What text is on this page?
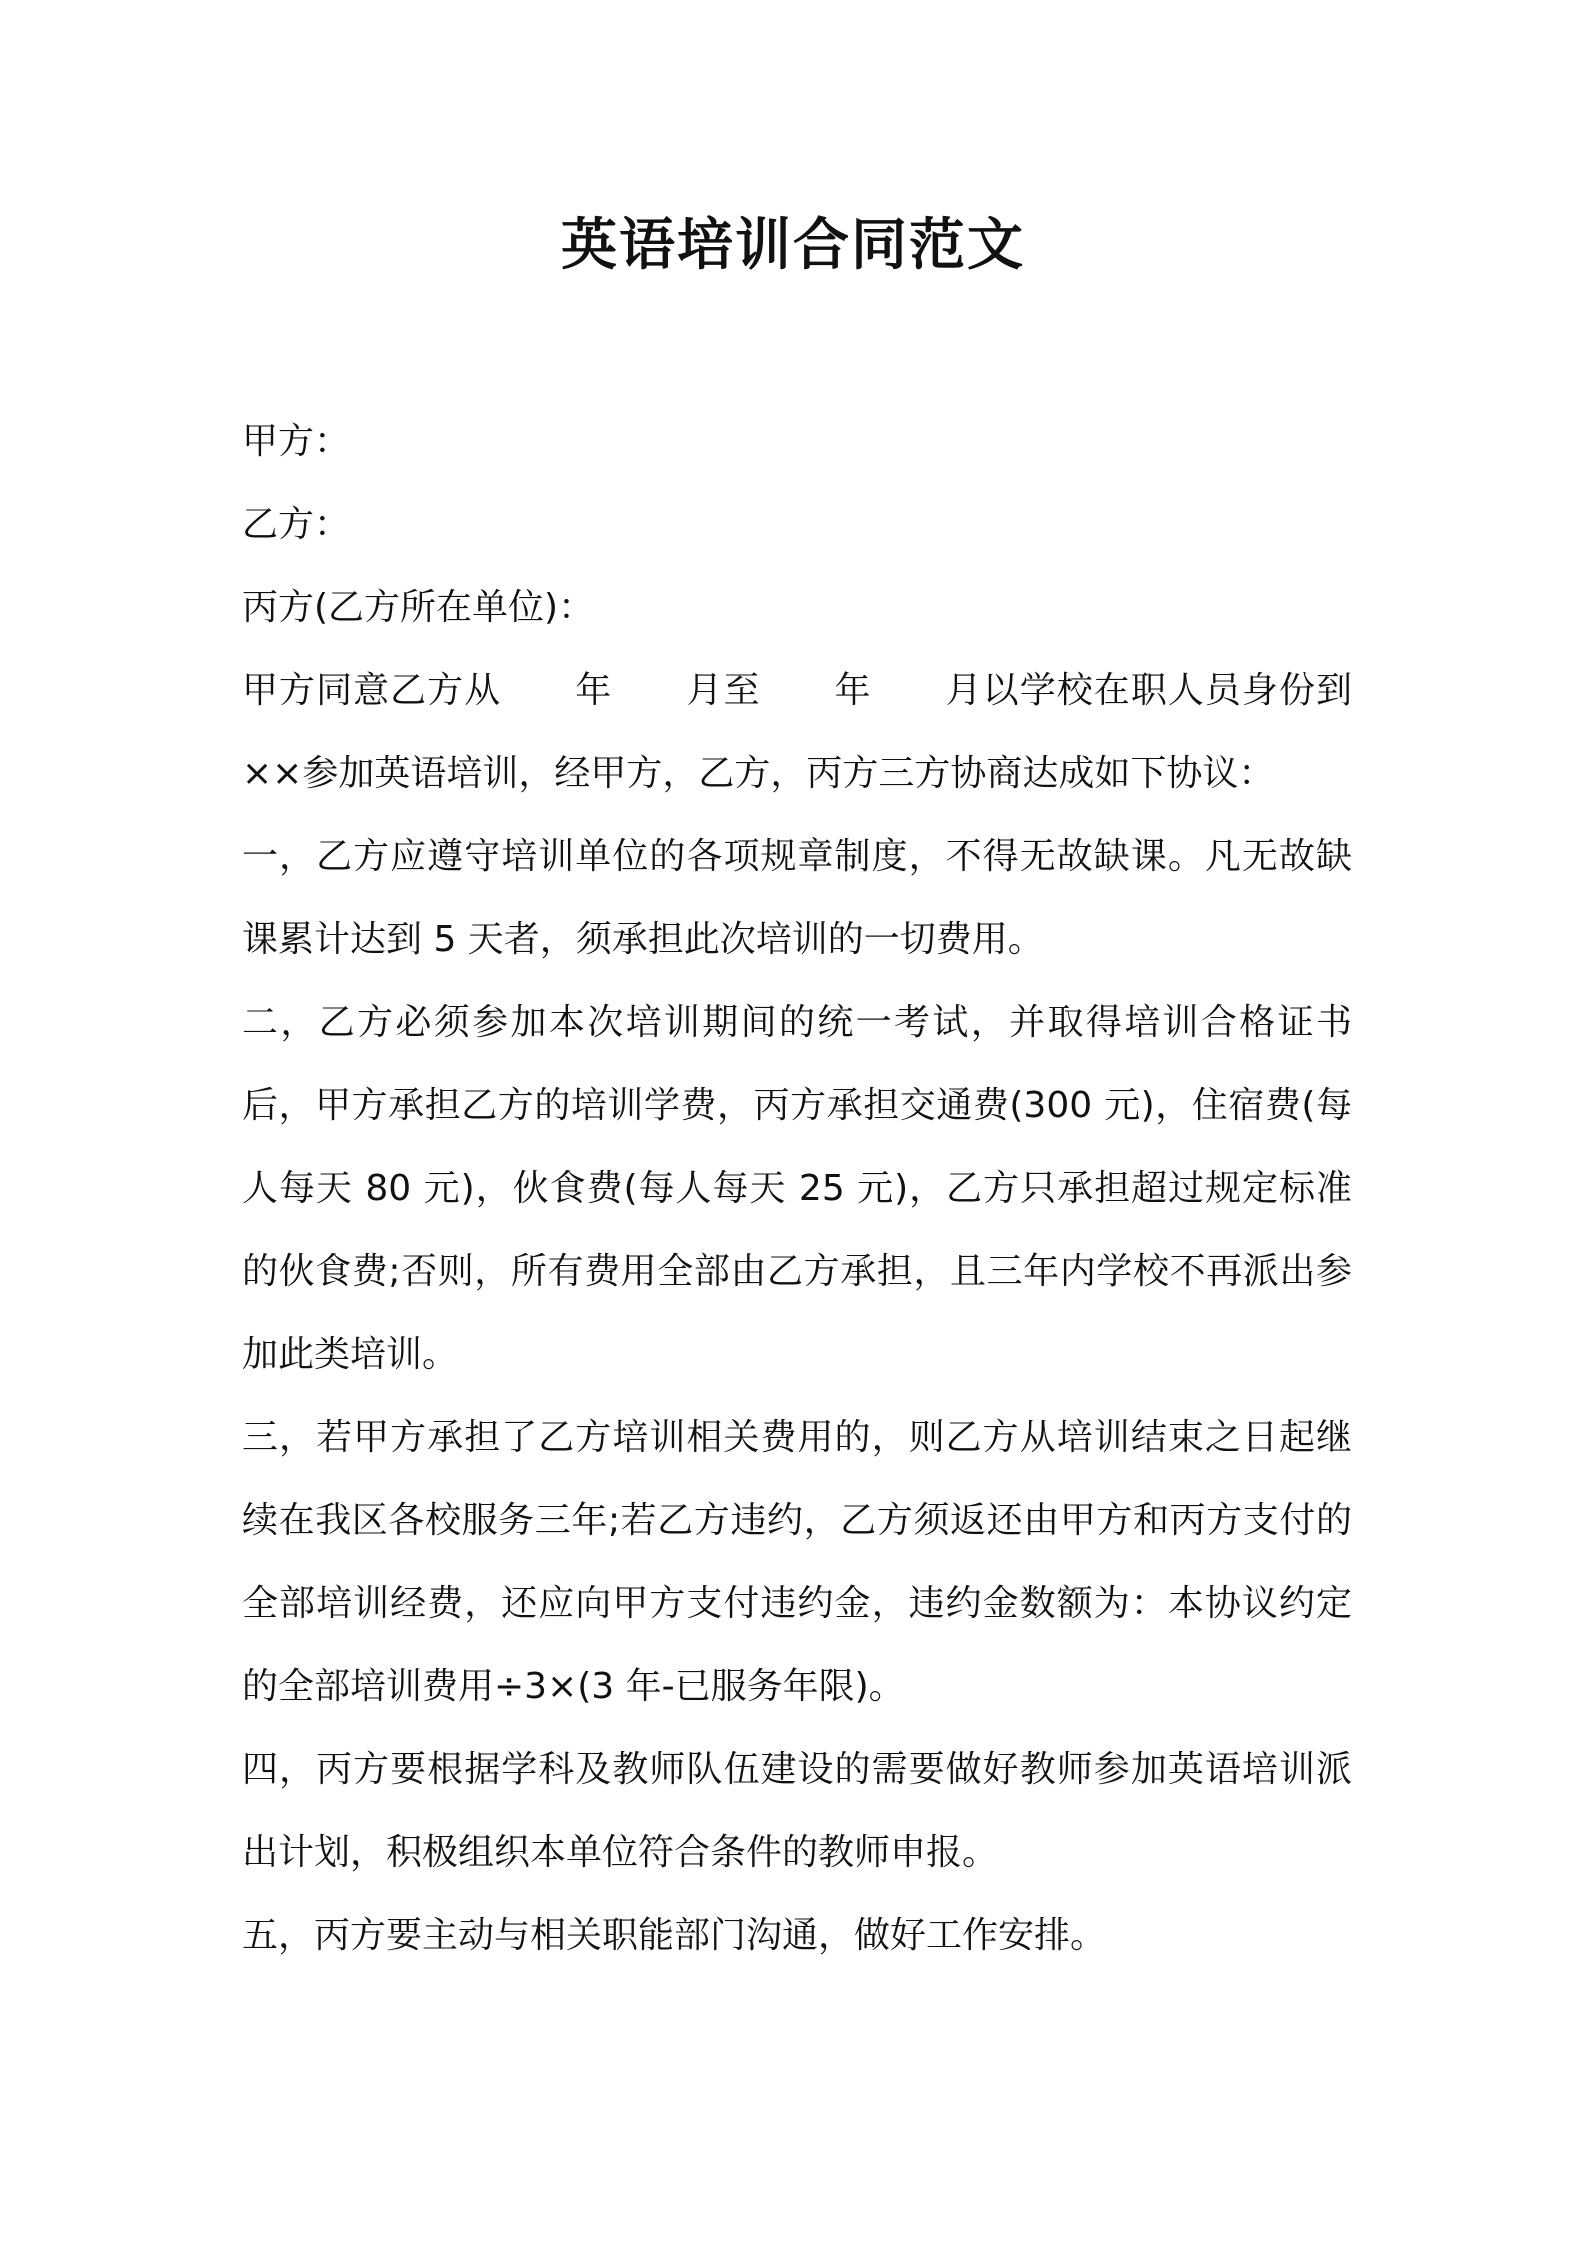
英语培训合同范文

甲方：

乙方：

丙方(乙方所在单位)：

甲方同意乙方从　　年　　月至　　年　　月以学校在职人员身份到××参加英语培训，经甲方，乙方，丙方三方协商达成如下协议：

一，乙方应遵守培训单位的各项规章制度，不得无故缺课。凡无故缺课累计达到 5 天者，须承担此次培训的一切费用。

二，乙方必须参加本次培训期间的统一考试，并取得培训合格证书后，甲方承担乙方的培训学费，丙方承担交通费(300 元)，住宿费(每人每天 80 元)，伙食费(每人每天 25 元)，乙方只承担超过规定标准的伙食费;否则，所有费用全部由乙方承担，且三年内学校不再派出参加此类培训。

三，若甲方承担了乙方培训相关费用的，则乙方从培训结束之日起继续在我区各校服务三年;若乙方违约，乙方须返还由甲方和丙方支付的全部培训经费，还应向甲方支付违约金，违约金数额为：本协议约定的全部培训费用÷3×(3 年-已服务年限)。

四，丙方要根据学科及教师队伍建设的需要做好教师参加英语培训派出计划，积极组织本单位符合条件的教师申报。

五，丙方要主动与相关职能部门沟通，做好工作安排。
